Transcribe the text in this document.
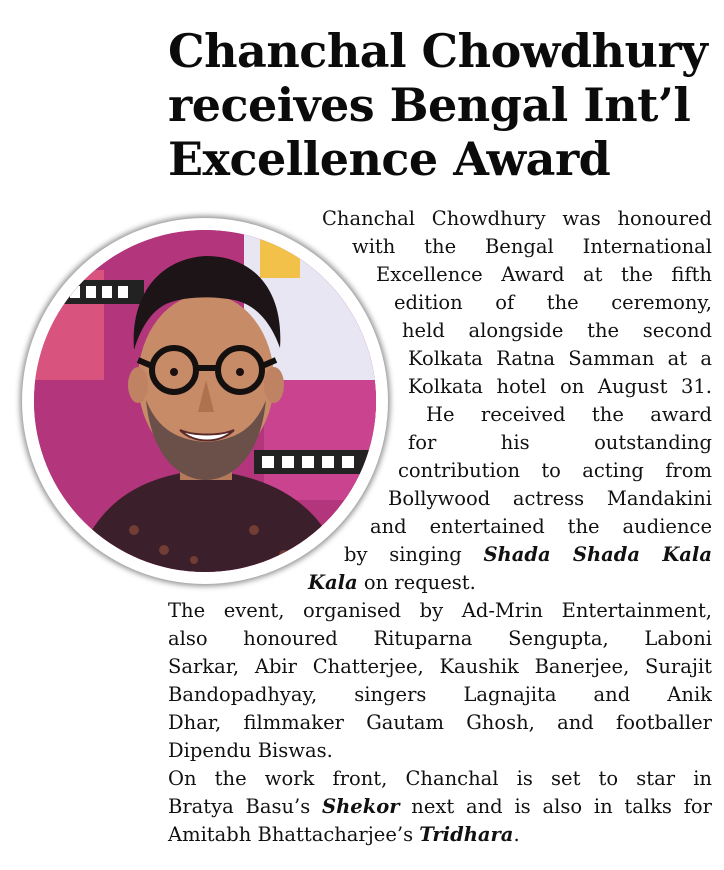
Chanchal Chowdhury
receives Bengal Int’l
Excellence Award
Chanchal Chowdhury was honoured
with the Bengal International
Excellence Award at the fifth
edition of the ceremony,
held alongside the second
Kolkata Ratna Samman at a
Kolkata hotel on August 31.
He received the award
for his outstanding
contribution to acting from
Bollywood actress Mandakini
and entertained the audience
by singing Shada Shada Kala
Kala on request.
The event, organised by Ad-Mrin Entertainment,
also honoured Rituparna Sengupta, Laboni
Sarkar, Abir Chatterjee, Kaushik Banerjee, Surajit
Bandopadhyay, singers Lagnajita and Anik
Dhar, filmmaker Gautam Ghosh, and footballer
Dipendu Biswas.
On the work front, Chanchal is set to star in
Bratya Basu’s Shekor next and is also in talks for
Amitabh Bhattacharjee’s Tridhara.
